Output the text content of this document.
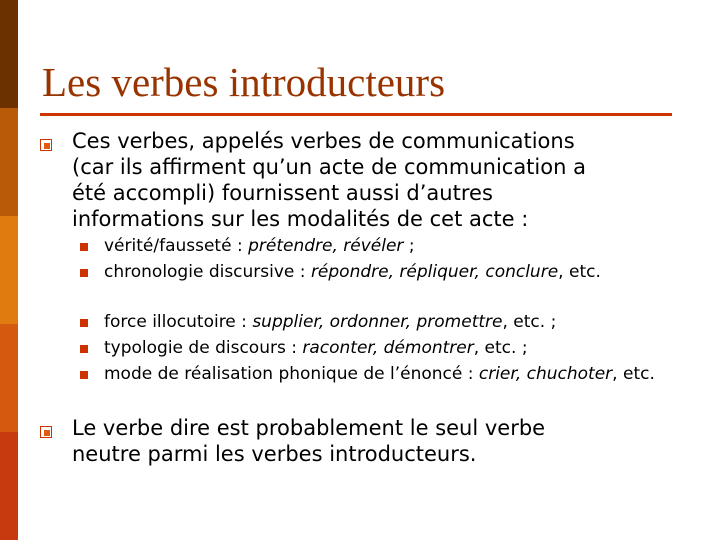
Les verbes introducteurs
Ces verbes, appelés verbes de communications
(car ils affirment qu’un acte de communication a
été accompli) fournissent aussi d’autres
informations sur les modalités de cet acte :
vérité/fausseté : prétendre, révéler ;
chronologie discursive : répondre, répliquer, conclure, etc.
force illocutoire : supplier, ordonner, promettre, etc. ;
typologie de discours : raconter, démontrer, etc. ;
mode de réalisation phonique de l’énoncé : crier, chuchoter, etc.
Le verbe dire est probablement le seul verbe
neutre parmi les verbes introducteurs.
